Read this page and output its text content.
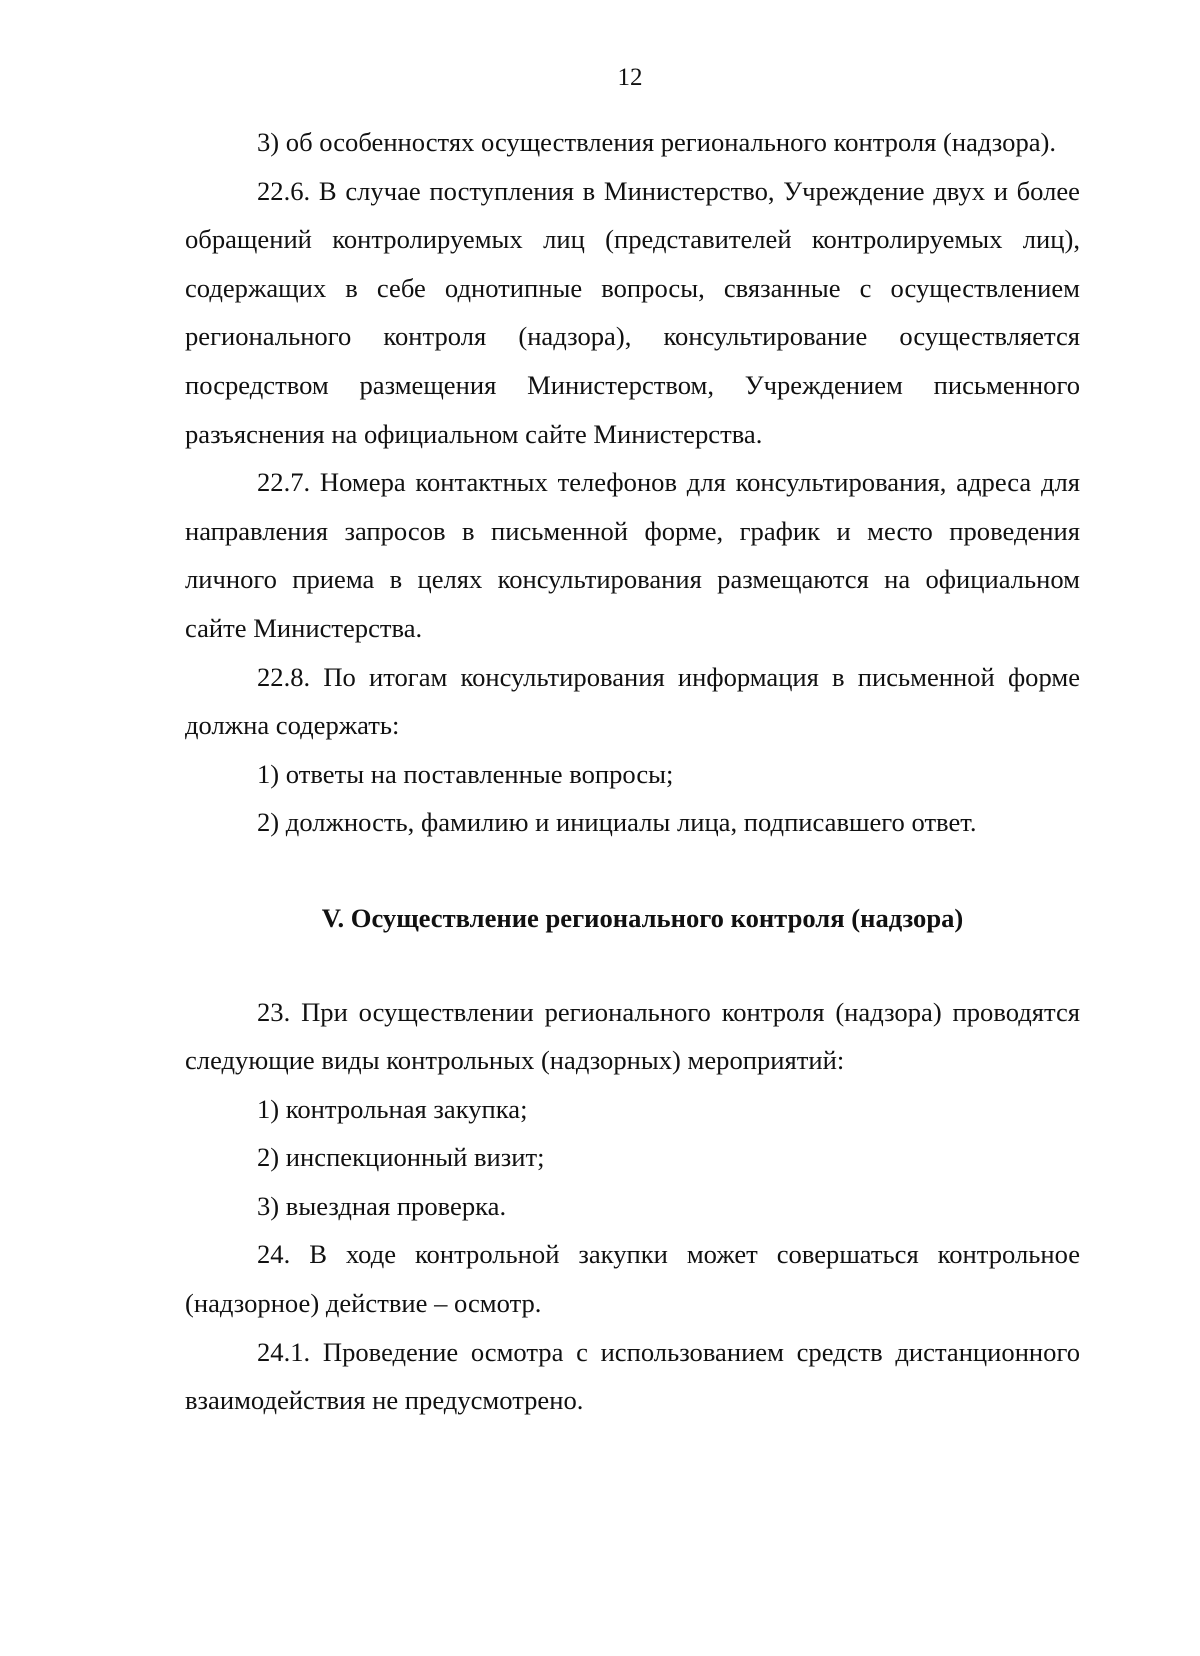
12

3) об особенностях осуществления регионального контроля (надзора).

22.6. В случае поступления в Министерство, Учреждение двух и более обращений контролируемых лиц (представителей контролируемых лиц), содержащих в себе однотипные вопросы, связанные с осуществлением регионального контроля (надзора), консультирование осуществляется посредством размещения Министерством, Учреждением письменного разъяснения на официальном сайте Министерства.

22.7. Номера контактных телефонов для консультирования, адреса для направления запросов в письменной форме, график и место проведения личного приема в целях консультирования размещаются на официальном сайте Министерства.

22.8. По итогам консультирования информация в письменной форме должна содержать:

1) ответы на поставленные вопросы;

2) должность, фамилию и инициалы лица, подписавшего ответ.

V. Осуществление регионального контроля (надзора)

23. При осуществлении регионального контроля (надзора) проводятся следующие виды контрольных (надзорных) мероприятий:

1) контрольная закупка;

2) инспекционный визит;

3) выездная проверка.

24. В ходе контрольной закупки может совершаться контрольное (надзорное) действие – осмотр.

24.1. Проведение осмотра с использованием средств дистанционного взаимодействия не предусмотрено.
